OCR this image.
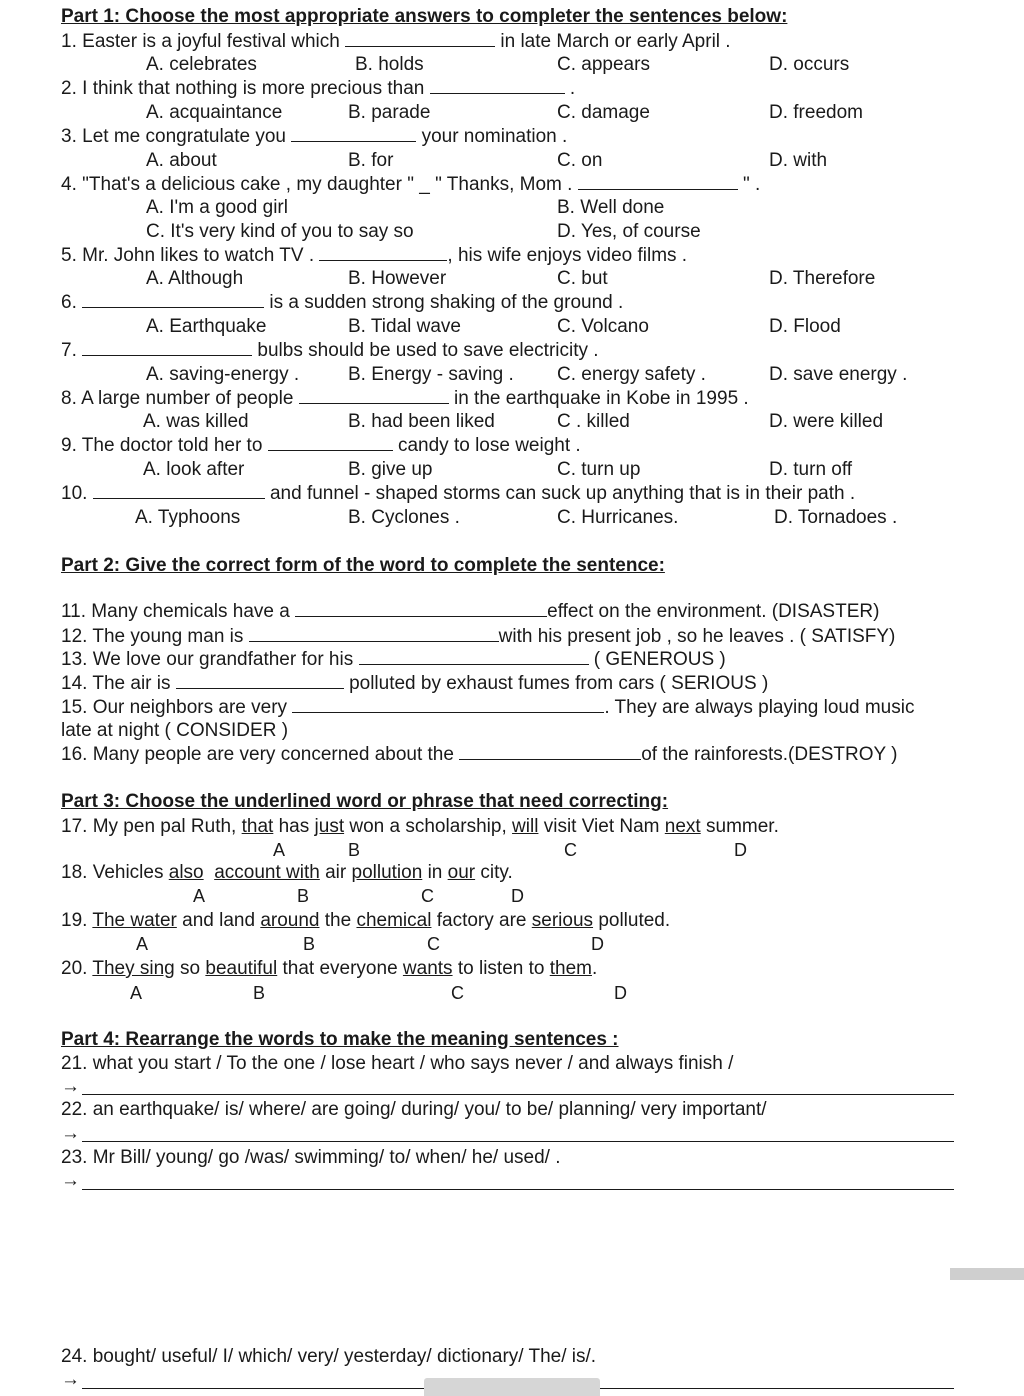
Part 1: Choose the most appropriate answers to completer the sentences below:
1. Easter is a joyful festival which	in late March or early April .
A. celebrates	B. holds	C. appears	D. occurs
2. I think that nothing is more precious than	.
A. acquaintance	B. parade	C. damage	D. freedom
3. Let me congratulate you	your nomination .
A. about	B. for	C. on	D. with
4. "That's a delicious cake , my daughter " _ " Thanks, Mom .	" .
A. I'm a good girl	B. Well done
C. It's very kind of you to say so	D. Yes, of course
5. Mr. John likes to watch TV .	, his wife enjoys video films .
A. Although	B. However	C. but	D. Therefore
6.	is a sudden strong shaking of the ground .
A. Earthquake	B. Tidal wave	C. Volcano	D. Flood
7.	bulbs should be used to save electricity .
A. saving-energy .	B. Energy - saving . C. energy safety .	D. save energy .
8. A large number of people	in the earthquake in Kobe in 1995 .
A. was killed	B. had been liked	C . killed	D. were killed
9. The doctor told her to	candy to lose weight .
A. look after	B. give up	C. turn up	D. turn off
10.	and funnel - shaped storms can suck up anything that is in their path .
A. Typhoons	B. Cyclones .	C. Hurricanes.	D. Tornadoes .
Part 2: Give the correct form of the word to complete the sentence:
11. Many chemicals have a	effect on the environment. (DISASTER)
12. The young man is	with his present job , so he leaves . ( SATISFY)
13. We love our grandfather for his	( GENEROUS )
14. The air is	polluted by exhaust fumes from cars ( SERIOUS )
15. Our neighbors are very	. They are always playing loud music
late at night ( CONSIDER )
16. Many people are very concerned about the	of the rainforests.(DESTROY )
Part 3: Choose the underlined word or phrase that need correcting:
17. My pen pal Ruth, that has just won a scholarship, will visit Viet Nam next summer.
A	B	C	D
18. Vehicles also account with air pollution in our city.
A	B	C	D
19. The water and land around the chemical factory are serious polluted.
A	B	C	D
20. They sing so beautiful that everyone wants to listen to them.
A	B	C	D
Part 4: Rearrange the words to make the meaning sentences :
21. what you start / To the one / lose heart / who says never / and always finish /
→
22. an earthquake/ is/ where/ are going/ during/ you/ to be/ planning/ very important/
→
23. Mr Bill/ young/ go /was/ swimming/ to/ when/ he/ used/ .
→
24. bought/ useful/ I/ which/ very/ yesterday/ dictionary/ The/ is/.
→
